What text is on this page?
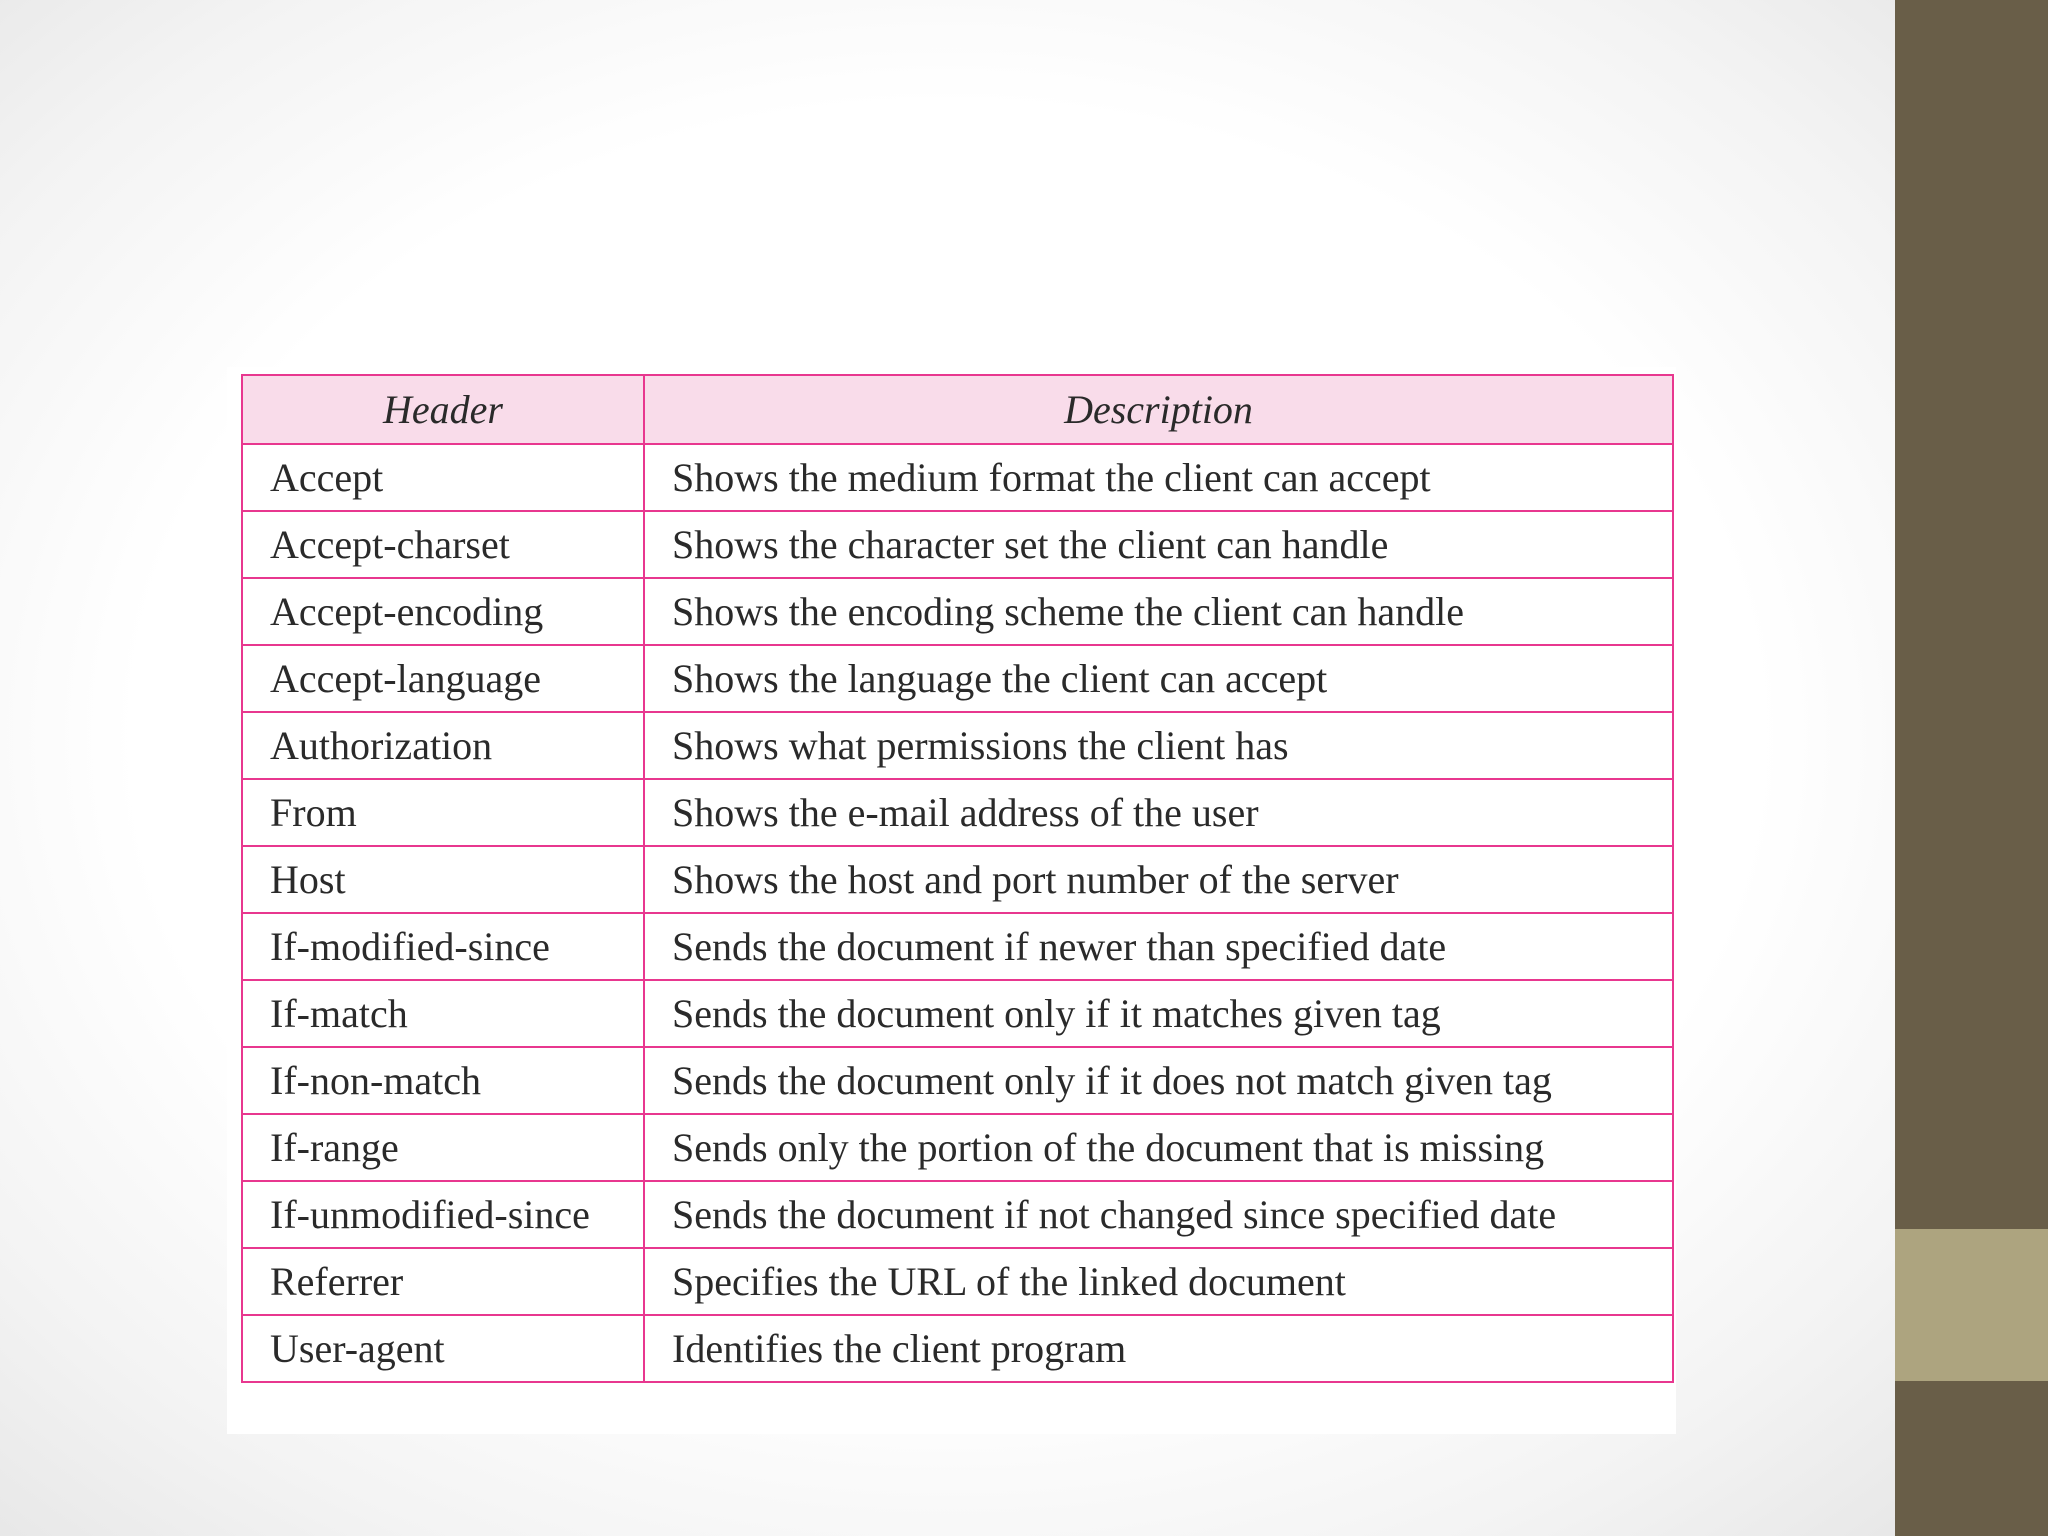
Header	Description
Accept	Shows the medium format the client can accept
Accept-charset	Shows the character set the client can handle
Accept-encoding	Shows the encoding scheme the client can handle
Accept-language	Shows the language the client can accept
Authorization	Shows what permissions the client has
From	Shows the e-mail address of the user
Host	Shows the host and port number of the server
If-modified-since	Sends the document if newer than specified date
If-match	Sends the document only if it matches given tag
If-non-match	Sends the document only if it does not match given tag
If-range	Sends only the portion of the document that is missing
If-unmodified-since	Sends the document if not changed since specified date
Referrer	Specifies the URL of the linked document
User-agent	Identifies the client program
